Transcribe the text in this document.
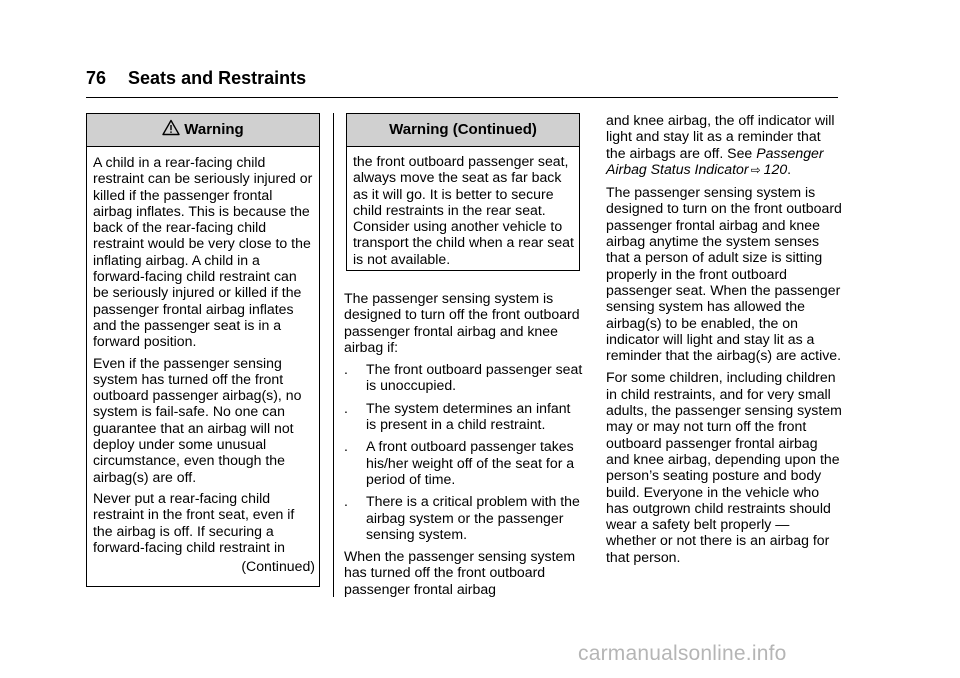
76 Seats and Restraints
Warning

A child in a rear-facing child restraint can be seriously injured or killed if the passenger frontal airbag inflates. This is because the back of the rear-facing child restraint would be very close to the inflating airbag. A child in a forward-facing child restraint can be seriously injured or killed if the passenger frontal airbag inflates and the passenger seat is in a forward position.

Even if the passenger sensing system has turned off the front outboard passenger airbag(s), no system is fail-safe. No one can guarantee that an airbag will not deploy under some unusual circumstance, even though the airbag(s) are off.

Never put a rear-facing child restraint in the front seat, even if the airbag is off. If securing a forward-facing child restraint in

(Continued)
Warning (Continued)

the front outboard passenger seat, always move the seat as far back as it will go. It is better to secure child restraints in the rear seat. Consider using another vehicle to transport the child when a rear seat is not available.

The passenger sensing system is designed to turn off the front outboard passenger frontal airbag and knee airbag if:

.	The front outboard passenger seat is unoccupied.
.	The system determines an infant is present in a child restraint.
.	A front outboard passenger takes his/her weight off of the seat for a period of time.
.	There is a critical problem with the airbag system or the passenger sensing system.

When the passenger sensing system has turned off the front outboard passenger frontal airbag

and knee airbag, the off indicator will light and stay lit as a reminder that the airbags are off. See Passenger Airbag Status Indicator ⇨ 120.

The passenger sensing system is designed to turn on the front outboard passenger frontal airbag and knee airbag anytime the system senses that a person of adult size is sitting properly in the front outboard passenger seat. When the passenger sensing system has allowed the airbag(s) to be enabled, the on indicator will light and stay lit as a reminder that the airbag(s) are active.

For some children, including children in child restraints, and for very small adults, the passenger sensing system may or may not turn off the front outboard passenger frontal airbag and knee airbag, depending upon the person’s seating posture and body build. Everyone in the vehicle who has outgrown child restraints should wear a safety belt properly — whether or not there is an airbag for that person.

carmanualsonline.info
